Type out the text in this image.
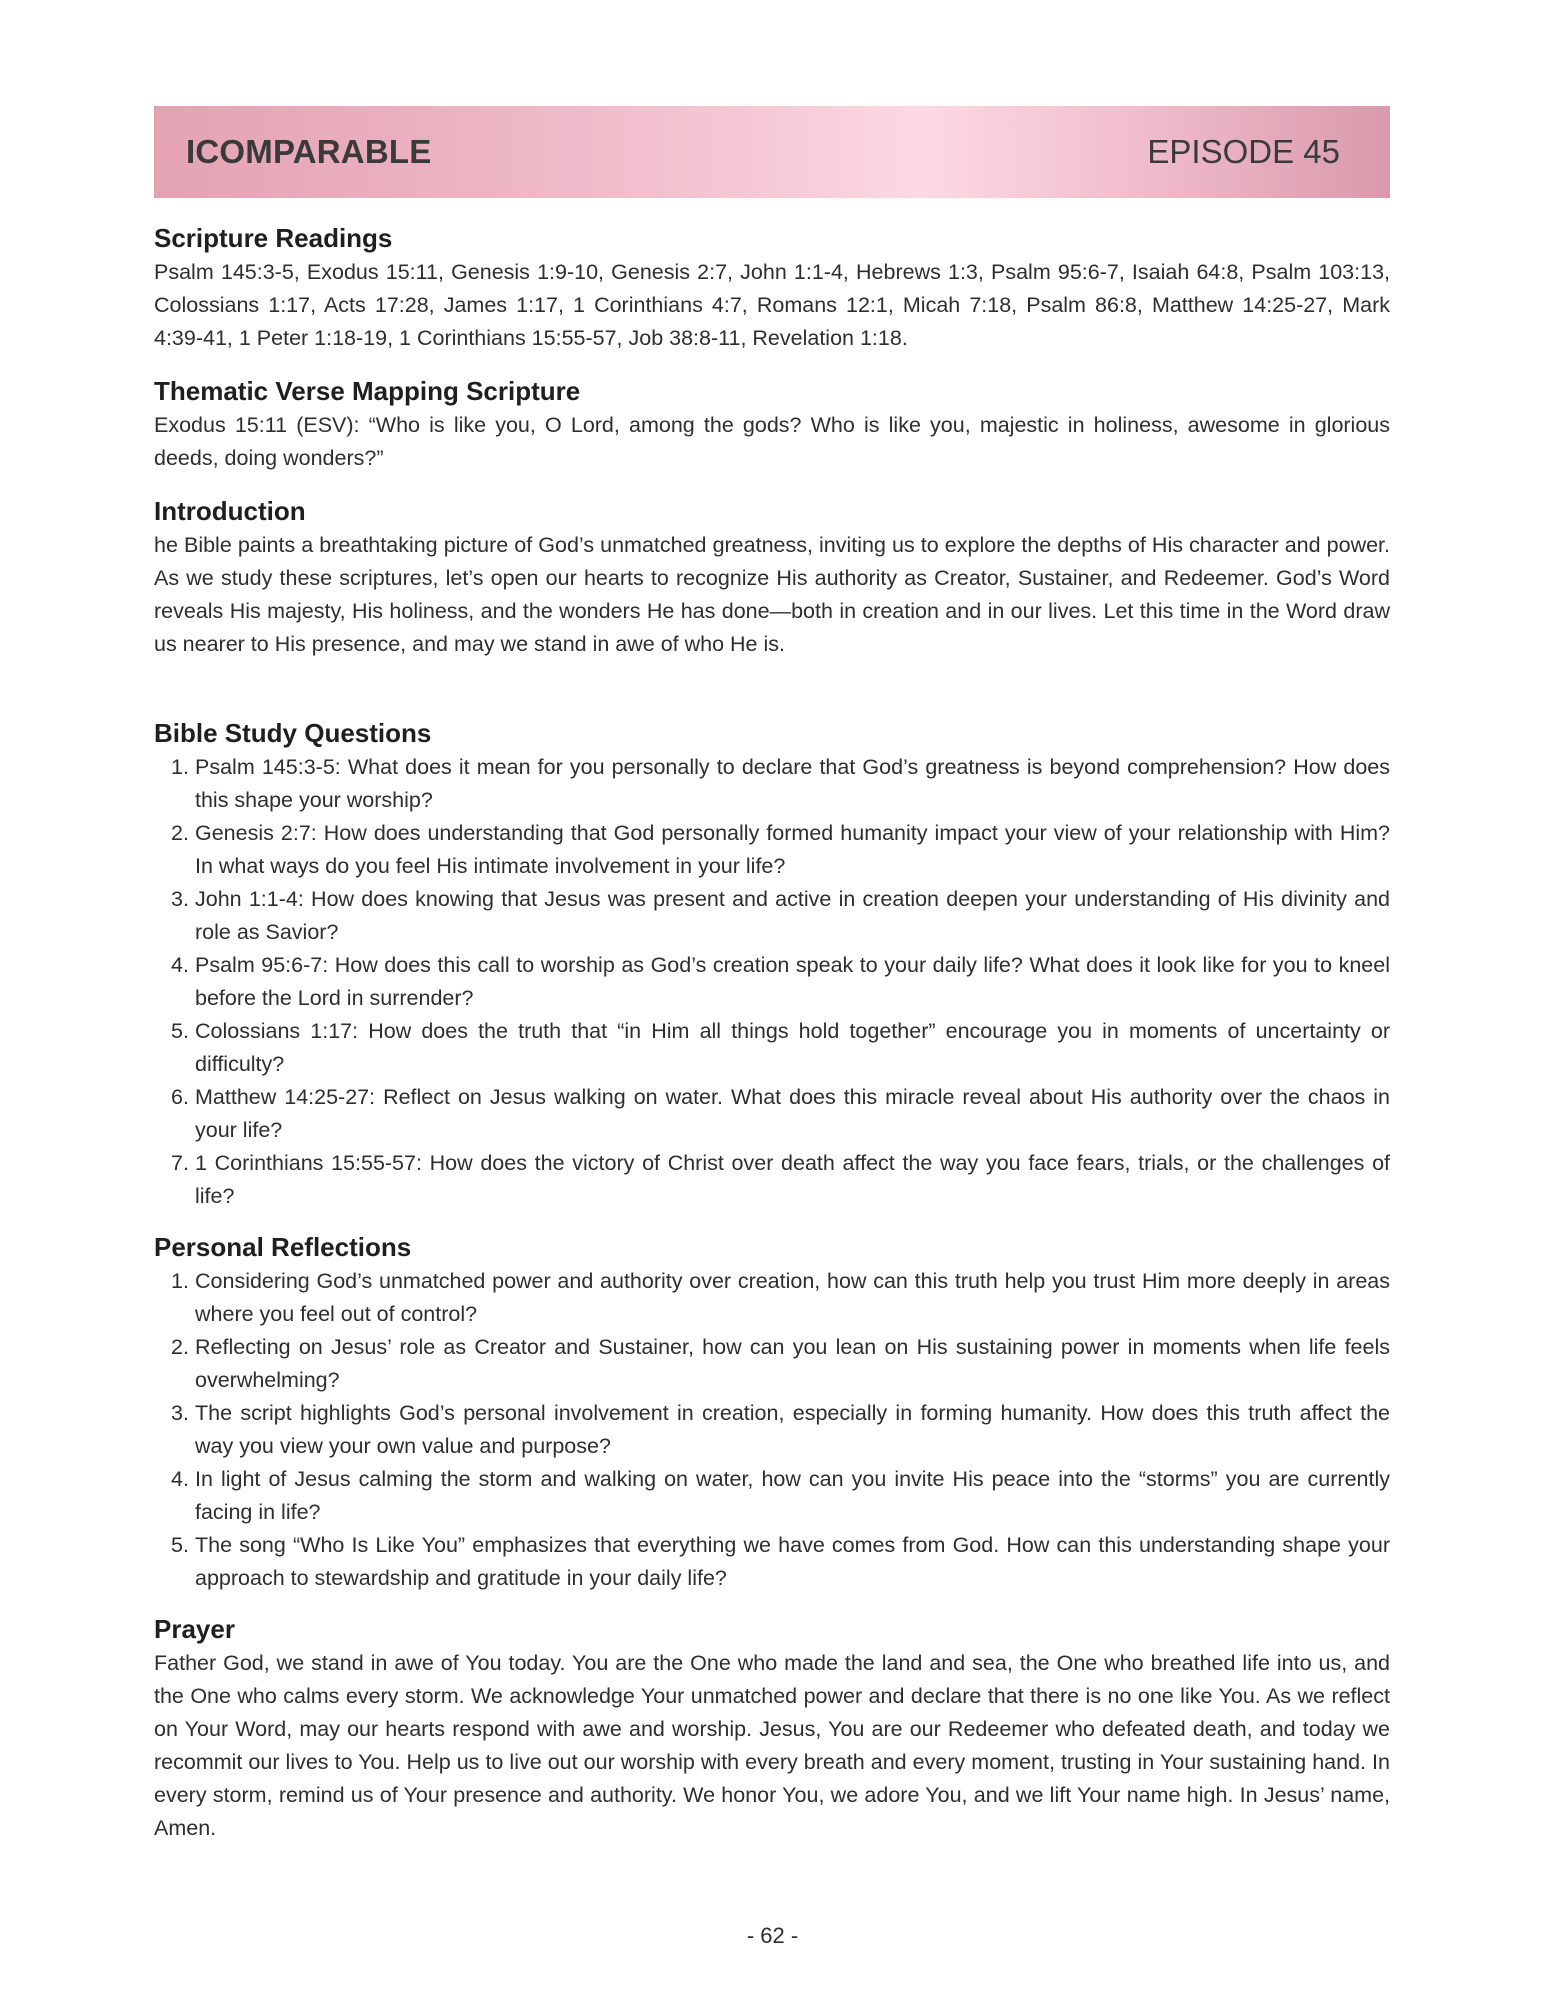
ICOMPARABLE	EPISODE 45
Scripture Readings

Psalm 145:3-5, Exodus 15:11, Genesis 1:9-10, Genesis 2:7, John 1:1-4, Hebrews 1:3, Psalm 95:6-7, Isaiah 64:8, Psalm 103:13, Colossians 1:17, Acts 17:28, James 1:17, 1 Corinthians 4:7, Romans 12:1, Micah 7:18, Psalm 86:8, Matthew 14:25-27, Mark 4:39-41, 1 Peter 1:18-19, 1 Corinthians 15:55-57, Job 38:8-11, Revelation 1:18.

Thematic Verse Mapping Scripture

Exodus 15:11 (ESV): “Who is like you, O Lord, among the gods? Who is like you, majestic in holiness, awesome in glorious deeds, doing wonders?”

Introduction

he Bible paints a breathtaking picture of God’s unmatched greatness, inviting us to explore the depths of His character and power. As we study these scriptures, let’s open our hearts to recognize His authority as Creator, Sustainer, and Redeemer. God’s Word reveals His majesty, His holiness, and the wonders He has done—both in creation and in our lives. Let this time in the Word draw us nearer to His presence, and may we stand in awe of who He is.

Bible Study Questions
1. Psalm 145:3-5: What does it mean for you personally to declare that God’s greatness is beyond comprehension? How does this shape your worship?
2. Genesis 2:7: How does understanding that God personally formed humanity impact your view of your relationship with Him? In what ways do you feel His intimate involvement in your life?
3. John 1:1-4: How does knowing that Jesus was present and active in creation deepen your understanding of His divinity and role as Savior?
4. Psalm 95:6-7: How does this call to worship as God’s creation speak to your daily life? What does it look like for you to kneel before the Lord in surrender?
5. Colossians 1:17: How does the truth that “in Him all things hold together” encourage you in moments of uncertainty or difficulty?
6. Matthew 14:25-27: Reflect on Jesus walking on water. What does this miracle reveal about His authority over the chaos in your life?
7. 1 Corinthians 15:55-57: How does the victory of Christ over death affect the way you face fears, trials, or the challenges of life?
Personal Reflections
1. Considering God’s unmatched power and authority over creation, how can this truth help you trust Him more deeply in areas where you feel out of control?
2. Reflecting on Jesus’ role as Creator and Sustainer, how can you lean on His sustaining power in moments when life feels overwhelming?
3. The script highlights God’s personal involvement in creation, especially in forming humanity. How does this truth affect the way you view your own value and purpose?
4. In light of Jesus calming the storm and walking on water, how can you invite His peace into the “storms” you are currently facing in life?
5. The song “Who Is Like You” emphasizes that everything we have comes from God. How can this understanding shape your approach to stewardship and gratitude in your daily life?
Prayer

Father God, we stand in awe of You today. You are the One who made the land and sea, the One who breathed life into us, and the One who calms every storm. We acknowledge Your unmatched power and declare that there is no one like You. As we reflect on Your Word, may our hearts respond with awe and worship. Jesus, You are our Redeemer who defeated death, and today we recommit our lives to You. Help us to live out our worship with every breath and every moment, trusting in Your sustaining hand. In every storm, remind us of Your presence and authority. We honor You, we adore You, and we lift Your name high. In Jesus’ name, Amen.

- 62 -
